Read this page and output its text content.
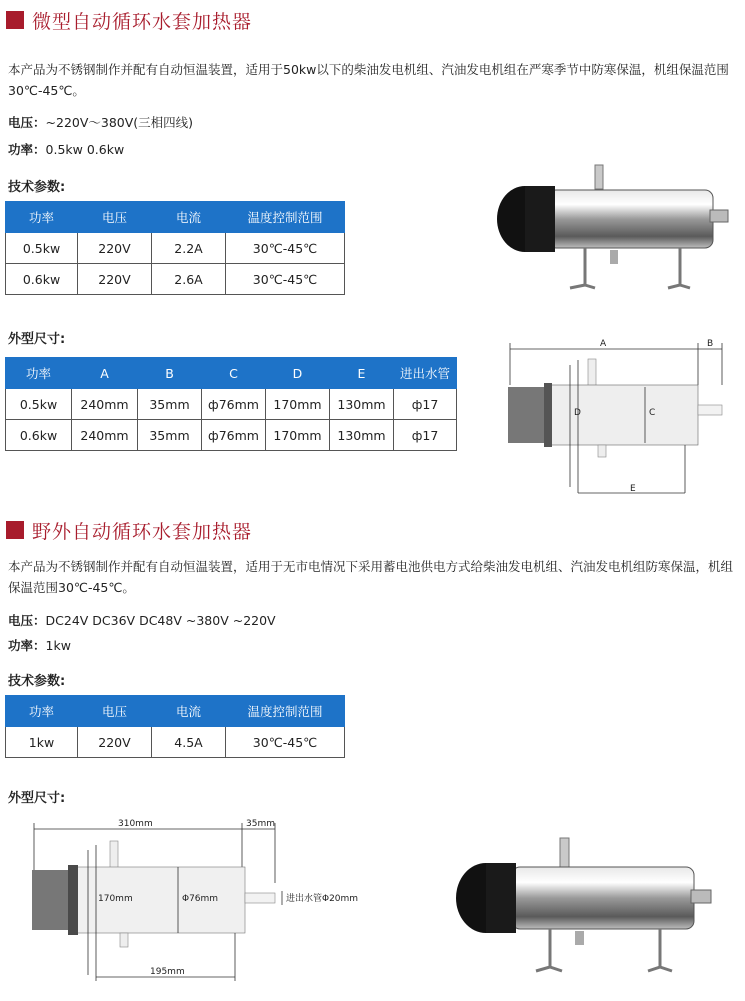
微型自动循环水套加热器
本产品为不锈钢制作并配有自动恒温装置，适用于50kw以下的柴油发电机组、汽油发电机组在严寒季节中防寒保温，机组保温范围30℃-45℃。
电压：~220V～380V(三相四线)
功率：0.5kw 0.6kw
技术参数:
功率	电压	电流	温度控制范围
0.5kw	220V	2.2A	30℃-45℃
0.6kw	220V	2.6A	30℃-45℃
外型尺寸:
功率	A	B	C	D	E	进出水管
0.5kw	240mm	35mm	ф76mm	170mm	130mm	ф17
0.6kw	240mm	35mm	ф76mm	170mm	130mm	ф17
A	B
D	C
E
野外自动循环水套加热器
本产品为不锈钢制作并配有自动恒温装置，适用于无市电情况下采用蓄电池供电方式给柴油发电机组、汽油发电机组防寒保温，机组保温范围30℃-45℃。
电压：DC24V DC36V DC48V ~380V ~220V
功率：1kw
技术参数:
功率	电压	电流	温度控制范围
1kw	220V	4.5A	30℃-45℃
外型尺寸:
310mm	35mm
170mm	Φ76mm	进出水管Φ20mm
195mm
